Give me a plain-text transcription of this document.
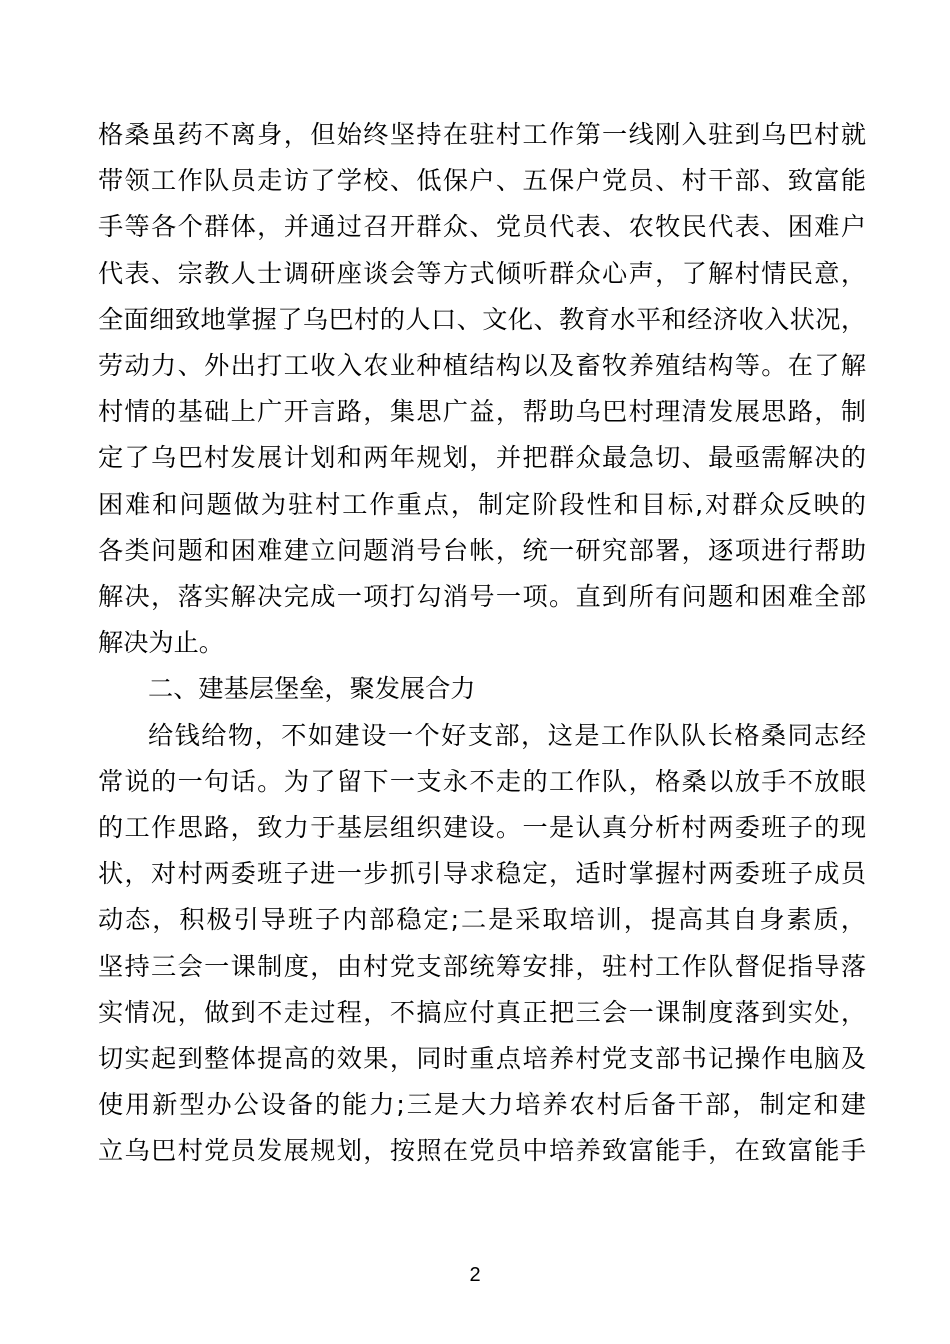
格桑虽药不离身，但始终坚持在驻村工作第一线刚入驻到乌巴村就
带领工作队员走访了学校、低保户、五保户党员、村干部、致富能
手等各个群体，并通过召开群众、党员代表、农牧民代表、困难户
代表、宗教人士调研座谈会等方式倾听群众心声，了解村情民意，
全面细致地掌握了乌巴村的人口、文化、教育水平和经济收入状况，
劳动力、外出打工收入农业种植结构以及畜牧养殖结构等。在了解
村情的基础上广开言路，集思广益，帮助乌巴村理清发展思路，制
定了乌巴村发展计划和两年规划，并把群众最急切、最亟需解决的
困难和问题做为驻村工作重点，制定阶段性和目标,对群众反映的
各类问题和困难建立问题消号台帐，统一研究部署，逐项进行帮助
解决，落实解决完成一项打勾消号一项。直到所有问题和困难全部
解决为止。
二、建基层堡垒，聚发展合力
给钱给物，不如建设一个好支部，这是工作队队长格桑同志经
常说的一句话。为了留下一支永不走的工作队，格桑以放手不放眼
的工作思路，致力于基层组织建设。一是认真分析村两委班子的现
状，对村两委班子进一步抓引导求稳定，适时掌握村两委班子成员
动态，积极引导班子内部稳定;二是采取培训，提高其自身素质，
坚持三会一课制度，由村党支部统筹安排，驻村工作队督促指导落
实情况，做到不走过程，不搞应付真正把三会一课制度落到实处，
切实起到整体提高的效果，同时重点培养村党支部书记操作电脑及
使用新型办公设备的能力;三是大力培养农村后备干部，制定和建
立乌巴村党员发展规划，按照在党员中培养致富能手，在致富能手
2
